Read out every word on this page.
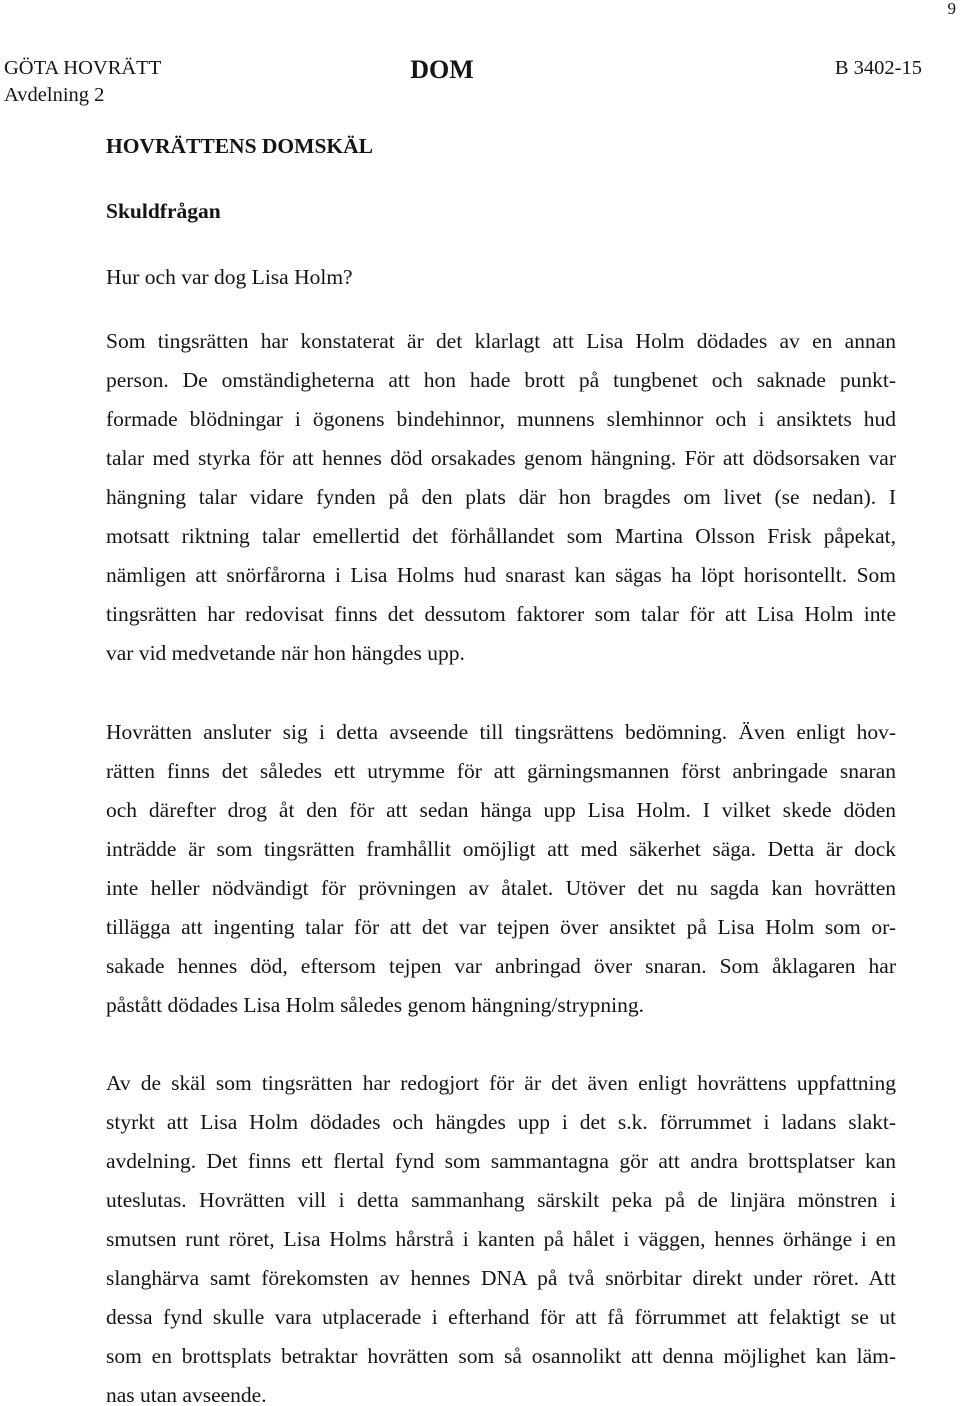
9
GÖTA HOVRÄTT
Avdelning 2
DOM	B 3402-15
HOVRÄTTENS DOMSKÄL
Skuldfrågan
Hur och var dog Lisa Holm?
Som tingsrätten har konstaterat är det klarlagt att Lisa Holm dödades av en annan
person. De omständigheterna att hon hade brott på tungbenet och saknade punkt-
formade blödningar i ögonens bindehinnor, munnens slemhinnor och i ansiktets hud
talar med styrka för att hennes död orsakades genom hängning. För att dödsorsaken var
hängning talar vidare fynden på den plats där hon bragdes om livet (se nedan). I
motsatt riktning talar emellertid det förhållandet som Martina Olsson Frisk påpekat,
nämligen att snörfårorna i Lisa Holms hud snarast kan sägas ha löpt horisontellt. Som
tingsrätten har redovisat finns det dessutom faktorer som talar för att Lisa Holm inte
var vid medvetande när hon hängdes upp.
Hovrätten ansluter sig i detta avseende till tingsrättens bedömning. Även enligt hov-
rätten finns det således ett utrymme för att gärningsmannen först anbringade snaran
och därefter drog åt den för att sedan hänga upp Lisa Holm. I vilket skede döden
inträdde är som tingsrätten framhållit omöjligt att med säkerhet säga. Detta är dock
inte heller nödvändigt för prövningen av åtalet. Utöver det nu sagda kan hovrätten
tillägga att ingenting talar för att det var tejpen över ansiktet på Lisa Holm som or-
sakade hennes död, eftersom tejpen var anbringad över snaran. Som åklagaren har
påstått dödades Lisa Holm således genom hängning/strypning.
Av de skäl som tingsrätten har redogjort för är det även enligt hovrättens uppfattning
styrkt att Lisa Holm dödades och hängdes upp i det s.k. förrummet i ladans slakt-
avdelning. Det finns ett flertal fynd som sammantagna gör att andra brottsplatser kan
uteslutas. Hovrätten vill i detta sammanhang särskilt peka på de linjära mönstren i
smutsen runt röret, Lisa Holms hårstrå i kanten på hålet i väggen, hennes örhänge i en
slanghärva samt förekomsten av hennes DNA på två snörbitar direkt under röret. Att
dessa fynd skulle vara utplacerade i efterhand för att få förrummet att felaktigt se ut
som en brottsplats betraktar hovrätten som så osannolikt att denna möjlighet kan läm-
nas utan avseende.
